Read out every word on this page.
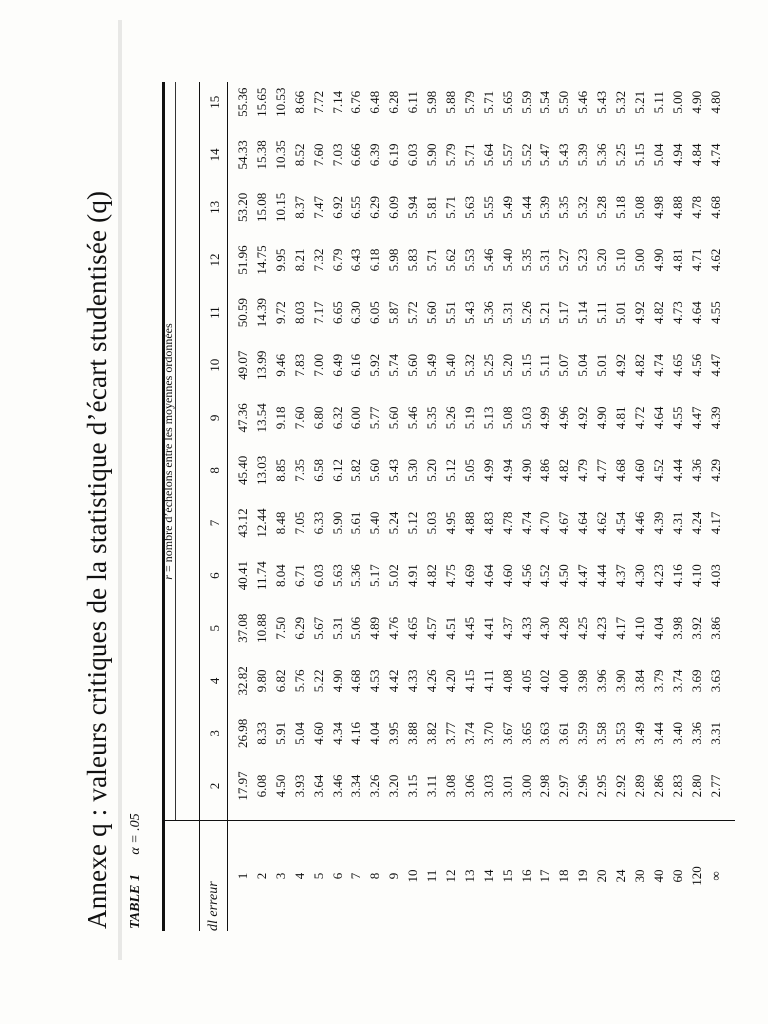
Annexe q : valeurs critiques de la statistique d’écart studentisée (q) TABLE 1 α = .05
r = nombre d’échelons entre les moyennes ordonnées
dl erreur
2
3
4
5
6
7
8
9
10
11
12
13
14
15
1
17.97
26.98
32.82
37.08
40.41
43.12
45.40
47.36
49.07
50.59
51.96
53.20
54.33
55.36
2
6.08
8.33
9.80
10.88
11.74
12.44
13.03
13.54
13.99
14.39
14.75
15.08
15.38
15.65
3
4.50
5.91
6.82
7.50
8.04
8.48
8.85
9.18
9.46
9.72
9.95
10.15
10.35
10.53
4
3.93
5.04
5.76
6.29
6.71
7.05
7.35
7.60
7.83
8.03
8.21
8.37
8.52
8.66
5
3.64
4.60
5.22
5.67
6.03
6.33
6.58
6.80
7.00
7.17
7.32
7.47
7.60
7.72
6
3.46
4.34
4.90
5.31
5.63
5.90
6.12
6.32
6.49
6.65
6.79
6.92
7.03
7.14
7
3.34
4.16
4.68
5.06
5.36
5.61
5.82
6.00
6.16
6.30
6.43
6.55
6.66
6.76
8
3.26
4.04
4.53
4.89
5.17
5.40
5.60
5.77
5.92
6.05
6.18
6.29
6.39
6.48
9
3.20
3.95
4.42
4.76
5.02
5.24
5.43
5.60
5.74
5.87
5.98
6.09
6.19
6.28
10
3.15
3.88
4.33
4.65
4.91
5.12
5.30
5.46
5.60
5.72
5.83
5.94
6.03
6.11
11
3.11
3.82
4.26
4.57
4.82
5.03
5.20
5.35
5.49
5.60
5.71
5.81
5.90
5.98
12
3.08
3.77
4.20
4.51
4.75
4.95
5.12
5.26
5.40
5.51
5.62
5.71
5.79
5.88
13
3.06
3.74
4.15
4.45
4.69
4.88
5.05
5.19
5.32
5.43
5.53
5.63
5.71
5.79
14
3.03
3.70
4.11
4.41
4.64
4.83
4.99
5.13
5.25
5.36
5.46
5.55
5.64
5.71
15
3.01
3.67
4.08
4.37
4.60
4.78
4.94
5.08
5.20
5.31
5.40
5.49
5.57
5.65
16
3.00
3.65
4.05
4.33
4.56
4.74
4.90
5.03
5.15
5.26
5.35
5.44
5.52
5.59
17
2.98
3.63
4.02
4.30
4.52
4.70
4.86
4.99
5.11
5.21
5.31
5.39
5.47
5.54
18
2.97
3.61
4.00
4.28
4.50
4.67
4.82
4.96
5.07
5.17
5.27
5.35
5.43
5.50
19
2.96
3.59
3.98
4.25
4.47
4.64
4.79
4.92
5.04
5.14
5.23
5.32
5.39
5.46
20
2.95
3.58
3.96
4.23
4.44
4.62
4.77
4.90
5.01
5.11
5.20
5.28
5.36
5.43
24
2.92
3.53
3.90
4.17
4.37
4.54
4.68
4.81
4.92
5.01
5.10
5.18
5.25
5.32
30
2.89
3.49
3.84
4.10
4.30
4.46
4.60
4.72
4.82
4.92
5.00
5.08
5.15
5.21
40
2.86
3.44
3.79
4.04
4.23
4.39
4.52
4.64
4.74
4.82
4.90
4.98
5.04
5.11
60
2.83
3.40
3.74
3.98
4.16
4.31
4.44
4.55
4.65
4.73
4.81
4.88
4.94
5.00
120
2.80
3.36
3.69
3.92
4.10
4.24
4.36
4.47
4.56
4.64
4.71
4.78
4.84
4.90
∞
2.77
3.31
3.63
3.86
4.03
4.17
4.29
4.39
4.47
4.55
4.62
4.68
4.74
4.80
